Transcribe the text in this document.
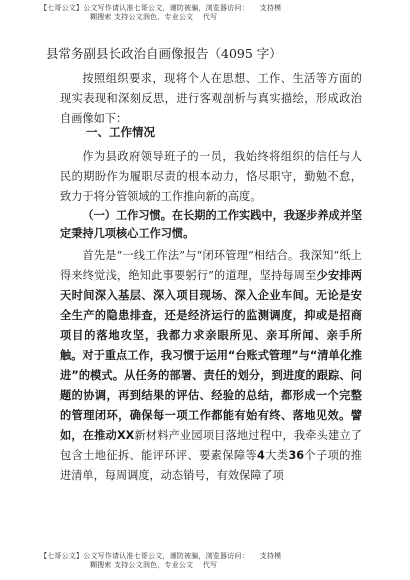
【七哥公文】公文写作请认准七哥公文，谨防被骗，浏览器访问：　　支持模
糊搜索 支持公文润色，专业公文　 代写
县常务副县长政治自画像报告（4095 字）

按照组织要求，现将个人在思想、工作、生活等方面的现实表现和深刻反思，进行客观剖析与真实描绘，形成政治自画像如下：

一、工作情况

作为县政府领导班子的一员，我始终将组织的信任与人民的期盼作为履职尽责的根本动力，恪尽职守，勤勉不怠，致力于将分管领域的工作推向新的高度。

（一）工作习惯。在长期的工作实践中，我逐步养成并坚定秉持几项核心工作习惯。

首先是“一线工作法”与“闭环管理”相结合。我深知“纸上得来终觉浅，绝知此事要躬行”的道理，坚持每周至少安排两天时间深入基层、深入项目现场、深入企业车间。无论是安全生产的隐患排查，还是经济运行的监测调度，抑或是招商项目的落地攻坚，我都力求亲眼所见、亲耳所闻、亲手所触。对于重点工作，我习惯于运用“台账式管理”与“清单化推进”的模式。从任务的部署、责任的划分，到进度的跟踪、问题的协调，再到结果的评估、经验的总结，都形成一个完整的管理闭环，确保每一项工作都能有始有终、落地见效。譬如，在推动XX新材料产业园项目落地过程中，我牵头建立了包含土地征拆、能评环评、要素保障等4大类36个子项的推进清单，每周调度，动态销号，有效保障了项

【七哥公文】公文写作请认准七哥公文，谨防被骗，浏览器访问：　　支持模
糊搜索 支持公文润色，专业公文　 代写
